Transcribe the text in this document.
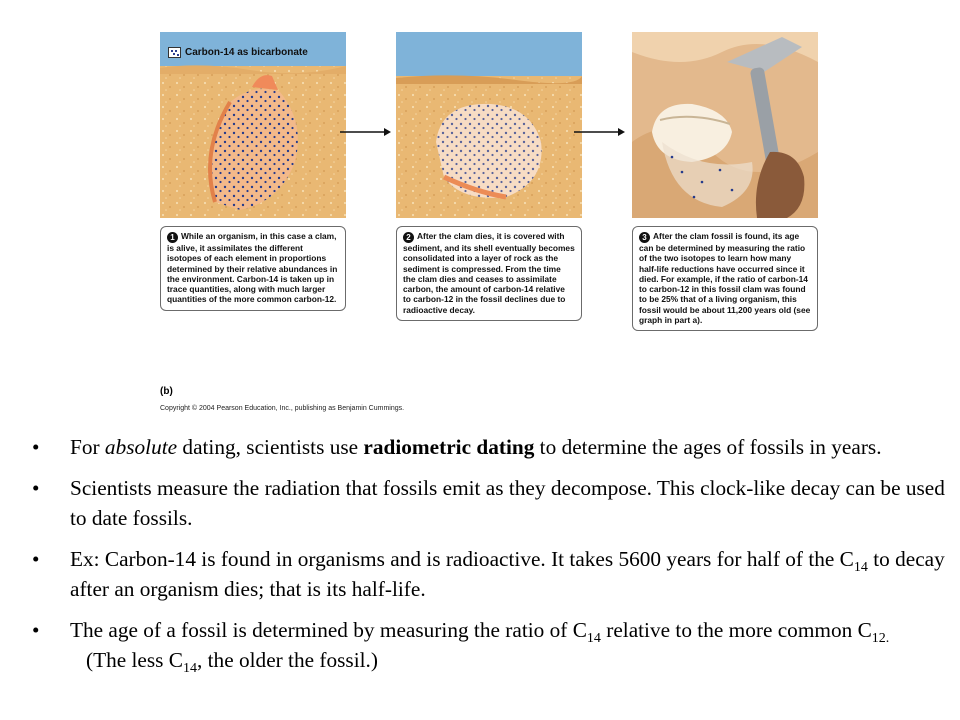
Carbon-14 as bicarbonate
1 While an organism, in this case a clam, is alive, it assimilates the different isotopes of each element in proportions determined by their relative abundances in the environment. Carbon-14 is taken up in trace quantities, along with much larger quantities of the more common carbon-12.
2 After the clam dies, it is covered with sediment, and its shell eventually becomes consolidated into a layer of rock as the sediment is compressed. From the time the clam dies and ceases to assimilate carbon, the amount of carbon-14 relative to carbon-12 in the fossil declines due to radioactive decay.
3 After the clam fossil is found, its age can be determined by measuring the ratio of the two isotopes to learn how many half-life reductions have occurred since it died. For example, if the ratio of carbon-14 to carbon-12 in this fossil clam was found to be 25% that of a living organism, this fossil would be about 11,200 years old (see graph in part a).
(b)
Copyright © 2004 Pearson Education, Inc., publishing as Benjamin Cummings.
• For absolute dating, scientists use radiometric dating to determine the ages of fossils in years.
• Scientists measure the radiation that fossils emit as they decompose. This clock-like decay can be used to date fossils.
• Ex: Carbon-14 is found in organisms and is radioactive. It takes 5600 years for half of the $C_{14}$ to decay after an organism dies; that is its half-life.
• The age of a fossil is determined by measuring the ratio of $C_{14}$ relative to the more common $C_{12.}$   (The less $C_{14}$, the older the fossil.)
